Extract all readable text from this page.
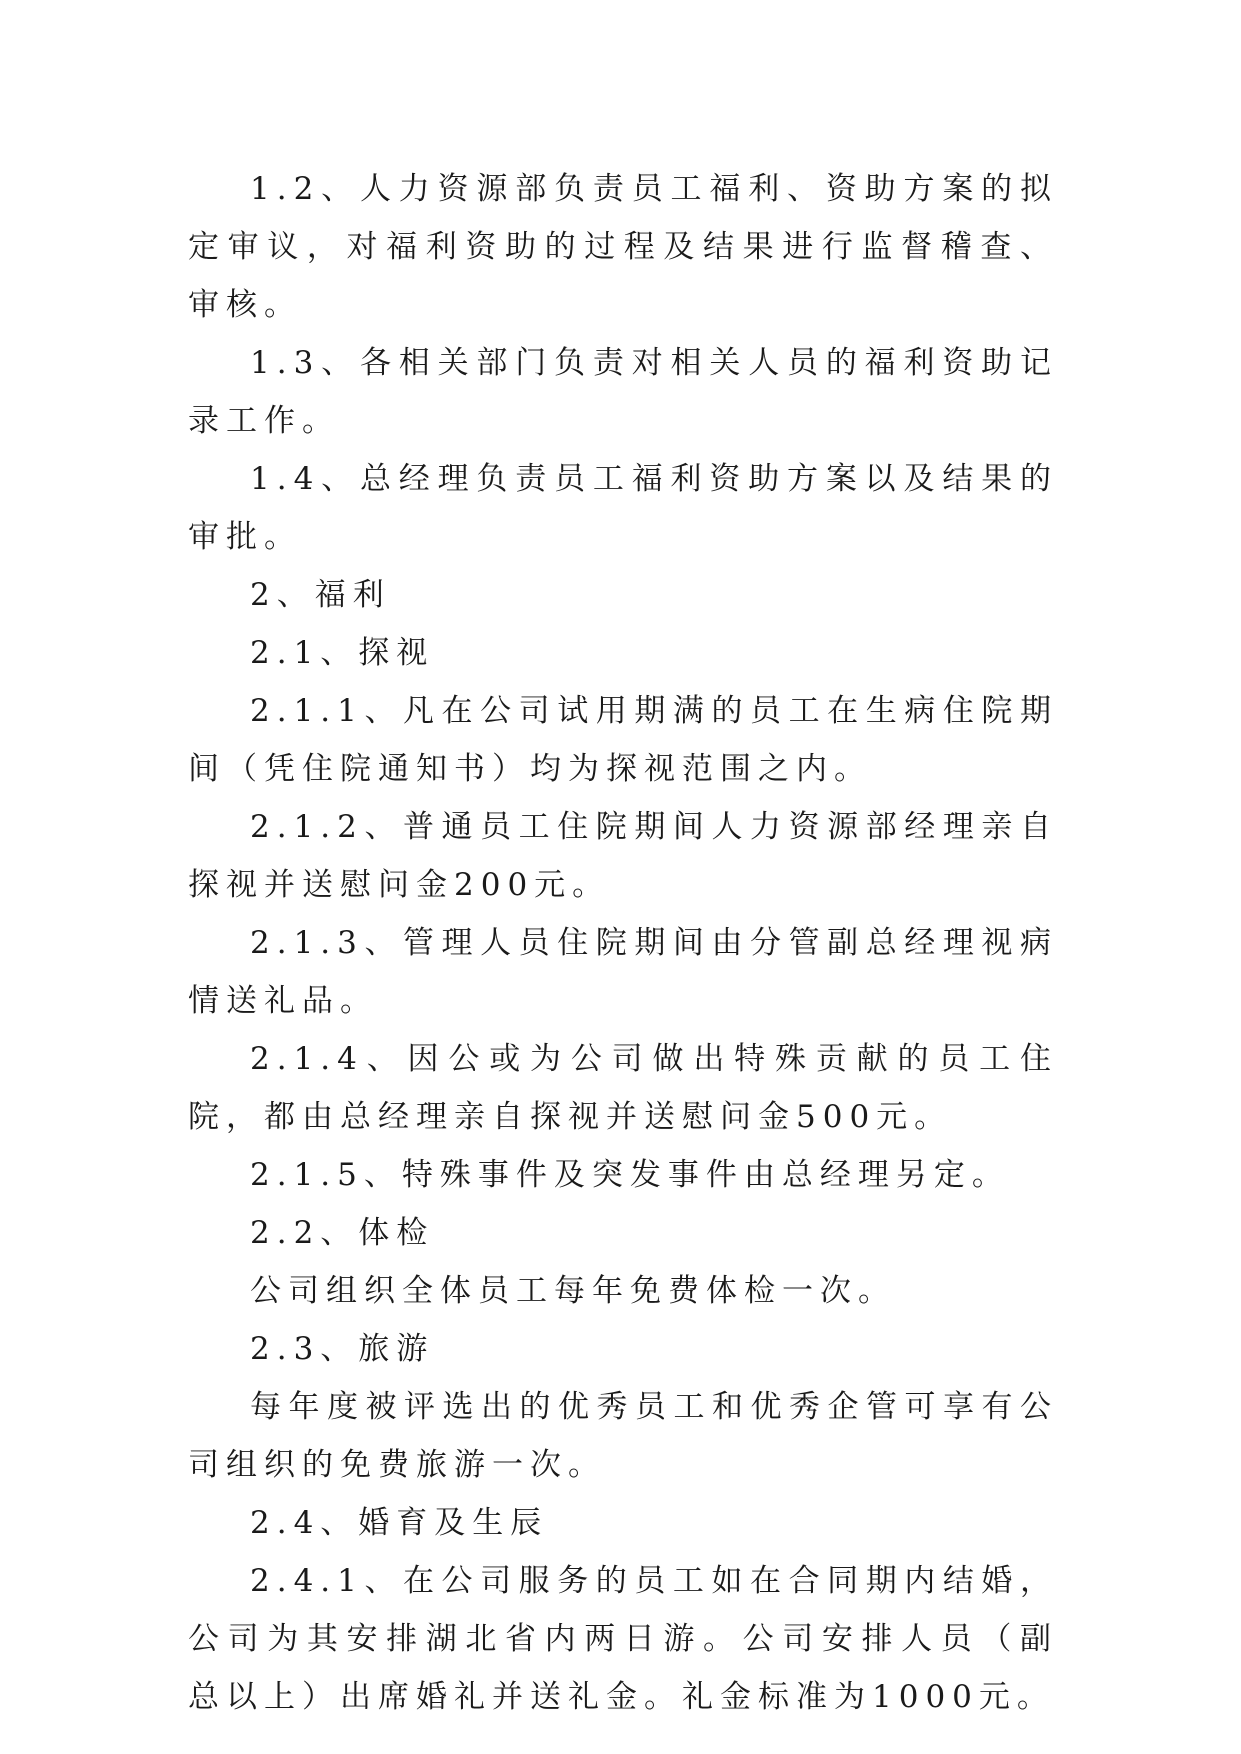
1.2、人力资源部负责员工福利、资助方案的拟定审议，对福利资助的过程及结果进行监督稽查、审核。

1.3、各相关部门负责对相关人员的福利资助记录工作。

1.4、总经理负责员工福利资助方案以及结果的审批。

2、福利

2.1、探视

2.1.1、凡在公司试用期满的员工在生病住院期间（凭住院通知书）均为探视范围之内。

2.1.2、普通员工住院期间人力资源部经理亲自探视并送慰问金200元。

2.1.3、管理人员住院期间由分管副总经理视病情送礼品。

2.1.4、因公或为公司做出特殊贡献的员工住院，都由总经理亲自探视并送慰问金500元。

2.1.5、特殊事件及突发事件由总经理另定。

2.2、体检

公司组织全体员工每年免费体检一次。

2.3、旅游

每年度被评选出的优秀员工和优秀企管可享有公司组织的免费旅游一次。

2.4、婚育及生辰

2.4.1、在公司服务的员工如在合同期内结婚，公司为其安排湖北省内两日游。公司安排人员（副总以上）出席婚礼并送礼金。礼金标准为1000元。
